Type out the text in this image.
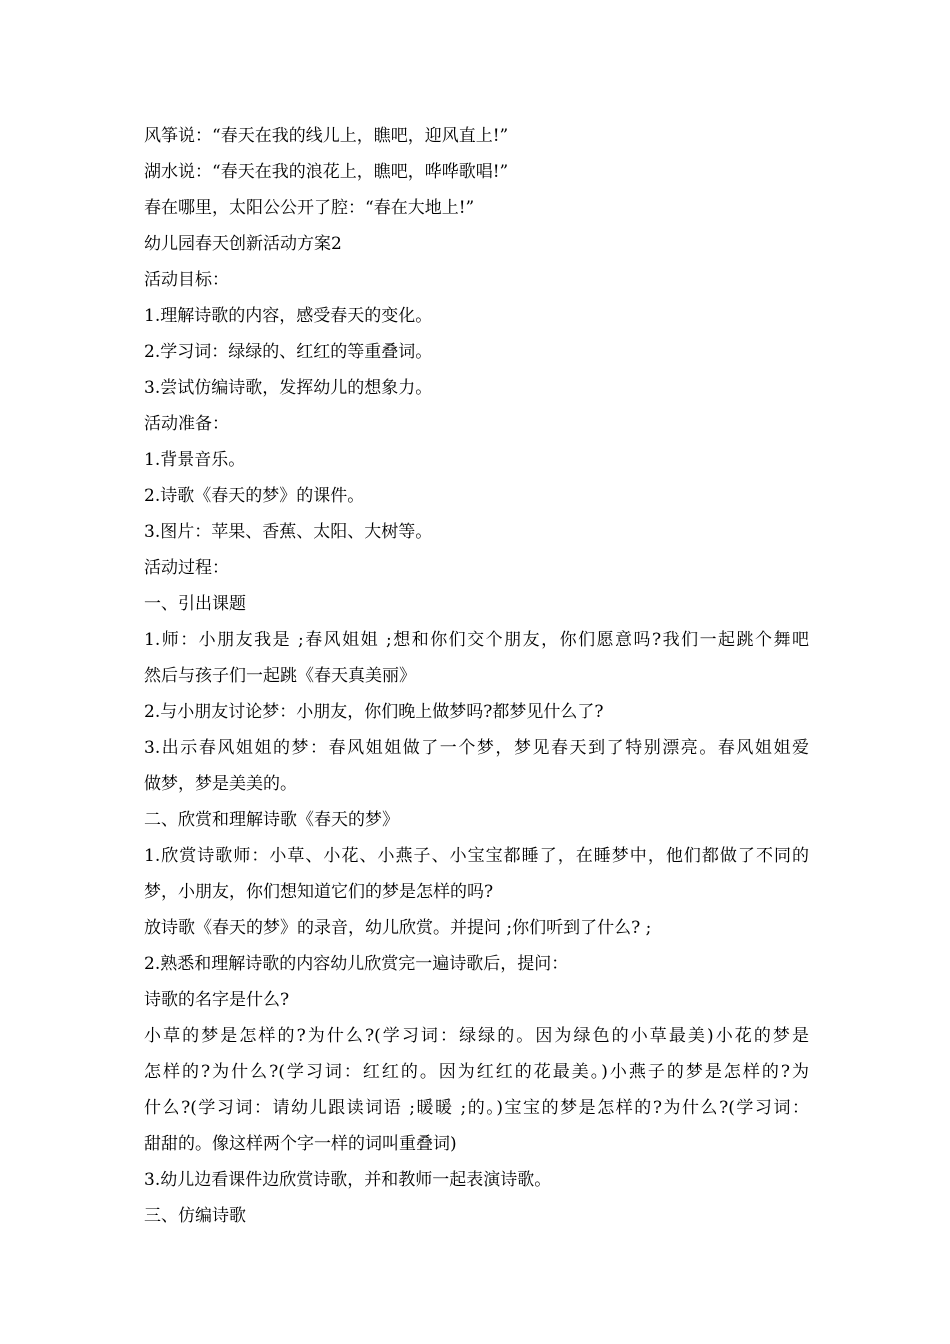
风筝说：“春天在我的线儿上，瞧吧，迎风直上!”
湖水说：“春天在我的浪花上，瞧吧，哗哗歌唱!”
春在哪里，太阳公公开了腔：“春在大地上!”
幼儿园春天创新活动方案2
活动目标：
1.理解诗歌的内容，感受春天的变化。
2.学习词：绿绿的、红红的等重叠词。
3.尝试仿编诗歌，发挥幼儿的想象力。
活动准备：
1.背景音乐。
2.诗歌《春天的梦》的课件。
3.图片：苹果、香蕉、太阳、大树等。
活动过程：
一、引出课题
1.师：小朋友我是 ;春风姐姐 ;想和你们交个朋友，你们愿意吗?我们一起跳个舞吧
然后与孩子们一起跳《春天真美丽》
2.与小朋友讨论梦：小朋友，你们晚上做梦吗?都梦见什么了?
3.出示春风姐姐的梦：春风姐姐做了一个梦，梦见春天到了特别漂亮。春风姐姐爱
做梦，梦是美美的。
二、欣赏和理解诗歌《春天的梦》
1.欣赏诗歌师：小草、小花、小燕子、小宝宝都睡了，在睡梦中，他们都做了不同的
梦，小朋友，你们想知道它们的梦是怎样的吗?
放诗歌《春天的梦》的录音，幼儿欣赏。并提问 ;你们听到了什么? ;
2.熟悉和理解诗歌的内容幼儿欣赏完一遍诗歌后，提问：
诗歌的名字是什么?
小草的梦是怎样的?为什么?(学习词：绿绿的。因为绿色的小草最美)小花的梦是
怎样的?为什么?(学习词：红红的。因为红红的花最美。)小燕子的梦是怎样的?为
什么?(学习词：请幼儿跟读词语 ;暖暖 ;的。)宝宝的梦是怎样的?为什么?(学习词：
甜甜的。像这样两个字一样的词叫重叠词)
3.幼儿边看课件边欣赏诗歌，并和教师一起表演诗歌。
三、仿编诗歌
